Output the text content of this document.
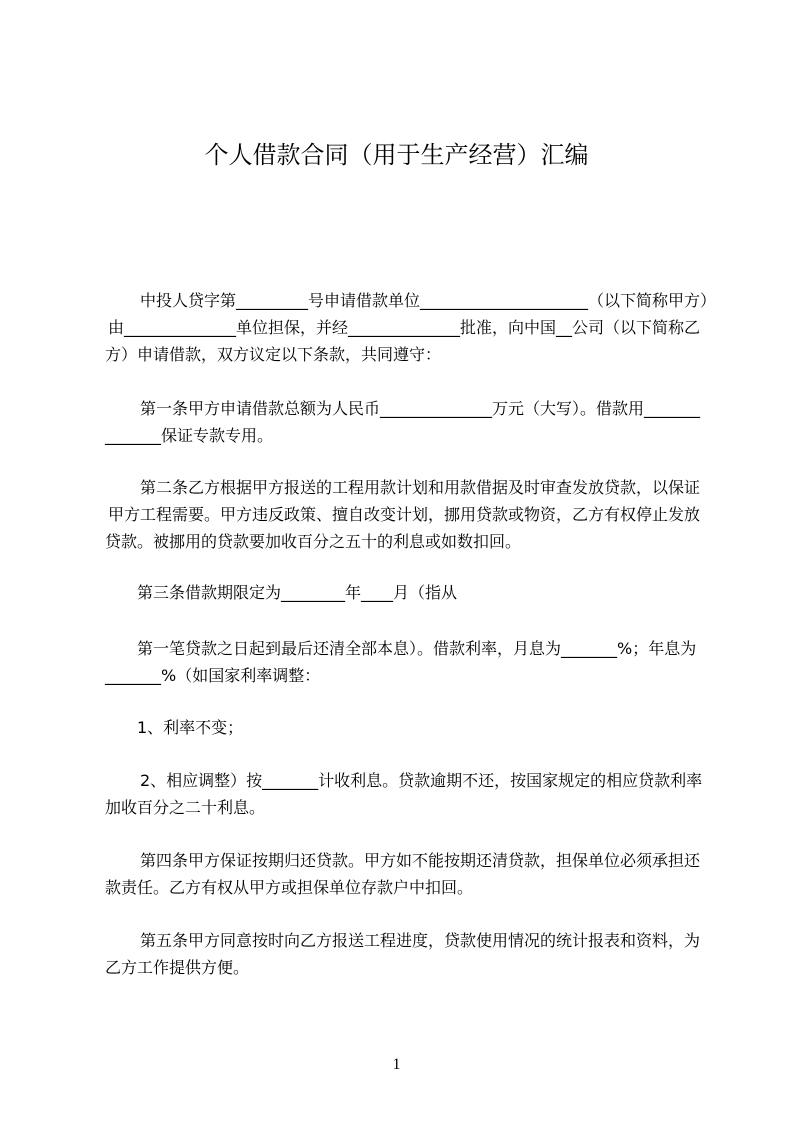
个人借款合同（用于生产经营）汇编
中投人贷字第_________号申请借款单位_____________________（以下简称甲方）
由______________单位担保，并经______________批准，向中国__公司（以下简称乙
方）申请借款，双方议定以下条款，共同遵守：
第一条甲方申请借款总额为人民币______________万元（大写）。借款用_______
_______保证专款专用。
第二条乙方根据甲方报送的工程用款计划和用款借据及时审查发放贷款，以保证
甲方工程需要。甲方违反政策、擅自改变计划，挪用贷款或物资，乙方有权停止发放
贷款。被挪用的贷款要加收百分之五十的利息或如数扣回。
第三条借款期限定为________年____月（指从
第一笔贷款之日起到最后还清全部本息）。借款利率，月息为_______%；年息为
_______%（如国家利率调整：
1、利率不变；
2、相应调整）按_______计收利息。贷款逾期不还，按国家规定的相应贷款利率
加收百分之二十利息。
第四条甲方保证按期归还贷款。甲方如不能按期还清贷款，担保单位必须承担还
款责任。乙方有权从甲方或担保单位存款户中扣回。
第五条甲方同意按时向乙方报送工程进度，贷款使用情况的统计报表和资料，为
乙方工作提供方便。
1
